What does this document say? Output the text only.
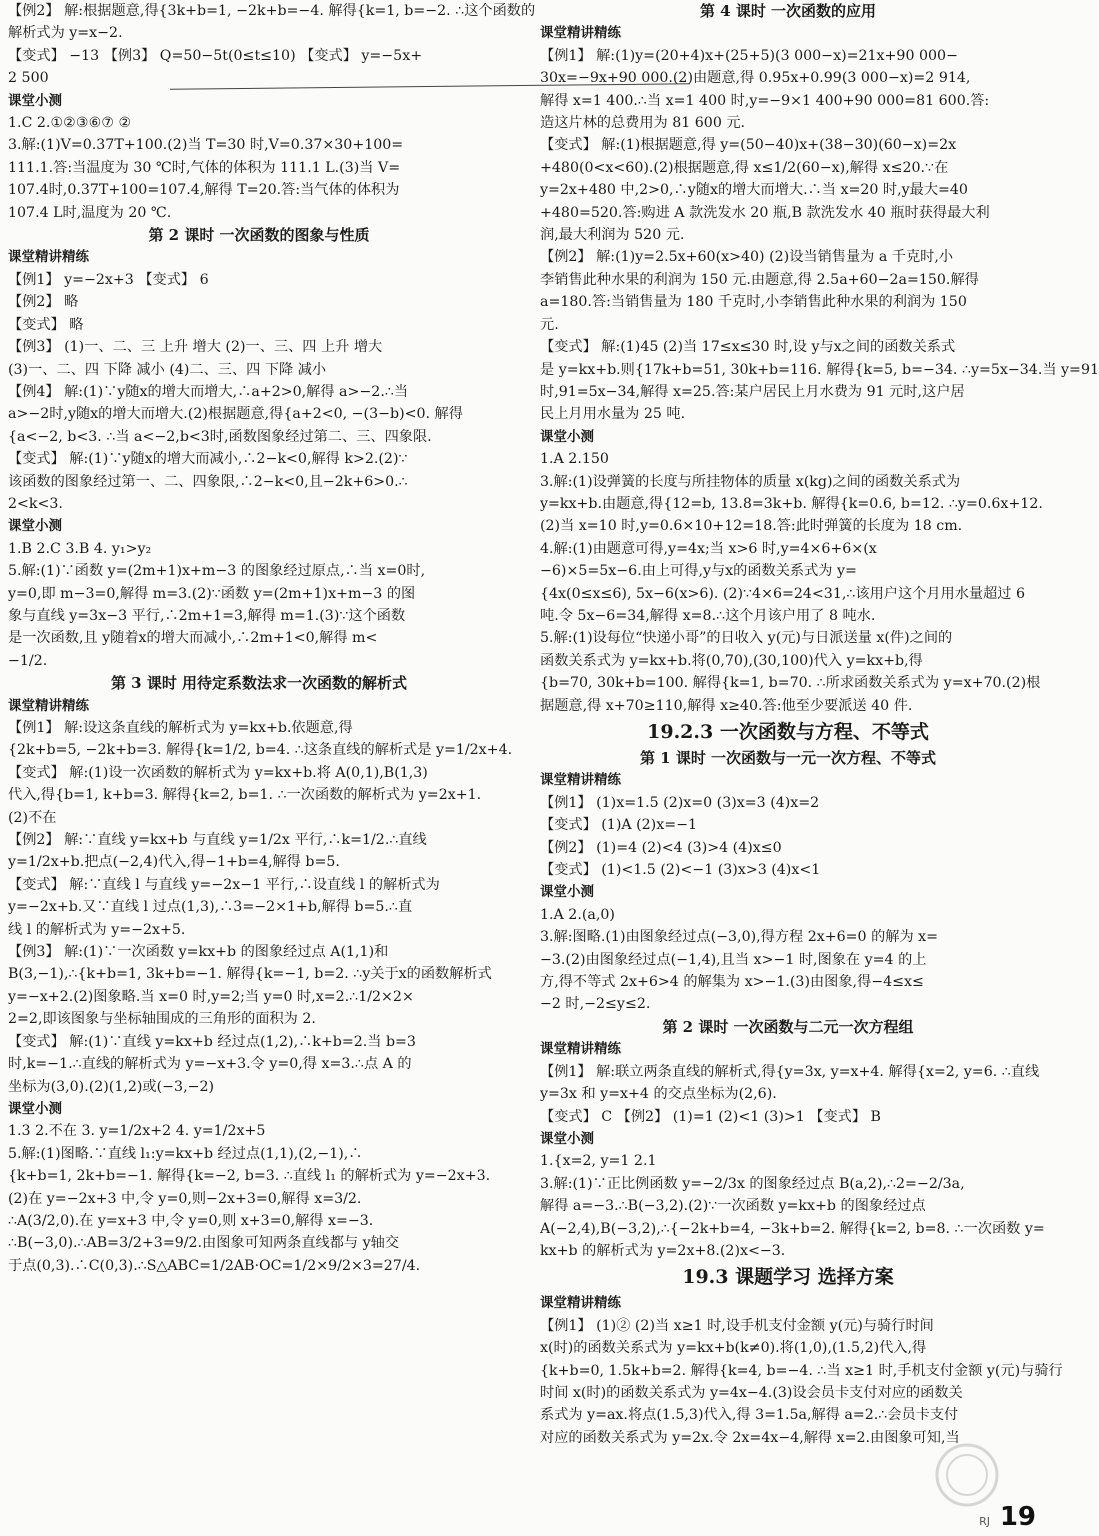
【例2】 解:根据题意,得{3k+b=1, −2k+b=−4. 解得{k=1, b=−2. ∴这个函数的
解析式为 y=x−2.
【变式】 −13 【例3】 Q=50−5t(0≤t≤10) 【变式】 y=−5x+
2 500
课堂小测
1.C 2.①②③⑥⑦ ②
3.解:(1)V=0.37T+100.(2)当 T=30 时,V=0.37×30+100=
111.1.答:当温度为 30 ℃时,气体的体积为 111.1 L.(3)当 V=
107.4时,0.37T+100=107.4,解得 T=20.答:当气体的体积为
107.4 L时,温度为 20 ℃.
第 2 课时 一次函数的图象与性质
课堂精讲精练
【例1】 y=−2x+3 【变式】 6
【例2】 略
【变式】 略
【例3】 (1)一、二、三 上升 增大 (2)一、三、四 上升 增大
(3)一、二、四 下降 减小 (4)二、三、四 下降 减小
【例4】 解:(1)∵y随x的增大而增大,∴a+2>0,解得 a>−2.∴当
a>−2时,y随x的增大而增大.(2)根据题意,得{a+2<0, −(3−b)<0. 解得
{a<−2, b<3. ∴当 a<−2,b<3时,函数图象经过第二、三、四象限.
【变式】 解:(1)∵y随x的增大而减小,∴2−k<0,解得 k>2.(2)∵
该函数的图象经过第一、二、四象限,∴2−k<0,且−2k+6>0.∴
2<k<3.
课堂小测
1.B 2.C 3.B 4. y₁>y₂
5.解:(1)∵函数 y=(2m+1)x+m−3 的图象经过原点,∴当 x=0时,
y=0,即 m−3=0,解得 m=3.(2)∵函数 y=(2m+1)x+m−3 的图
象与直线 y=3x−3 平行,∴2m+1=3,解得 m=1.(3)∵这个函数
是一次函数,且 y随着x的增大而减小,∴2m+1<0,解得 m<
−1/2.
第 3 课时 用待定系数法求一次函数的解析式
课堂精讲精练
【例1】 解:设这条直线的解析式为 y=kx+b.依题意,得
{2k+b=5, −2k+b=3. 解得{k=1/2, b=4. ∴这条直线的解析式是 y=1/2x+4.
【变式】 解:(1)设一次函数的解析式为 y=kx+b.将 A(0,1),B(1,3)
代入,得{b=1, k+b=3. 解得{k=2, b=1. ∴一次函数的解析式为 y=2x+1.
(2)不在
【例2】 解:∵直线 y=kx+b 与直线 y=1/2x 平行,∴k=1/2.∴直线
y=1/2x+b.把点(−2,4)代入,得−1+b=4,解得 b=5.
【变式】 解:∵直线 l 与直线 y=−2x−1 平行,∴设直线 l 的解析式为
y=−2x+b.又∵直线 l 过点(1,3),∴3=−2×1+b,解得 b=5.∴直
线 l 的解析式为 y=−2x+5.
【例3】 解:(1)∵一次函数 y=kx+b 的图象经过点 A(1,1)和
B(3,−1),∴{k+b=1, 3k+b=−1. 解得{k=−1, b=2. ∴y关于x的函数解析式
y=−x+2.(2)图象略.当 x=0 时,y=2;当 y=0 时,x=2.∴1/2×2×
2=2,即该图象与坐标轴围成的三角形的面积为 2.
【变式】 解:(1)∵直线 y=kx+b 经过点(1,2),∴k+b=2.当 b=3
时,k=−1.∴直线的解析式为 y=−x+3.令 y=0,得 x=3.∴点 A 的
坐标为(3,0).(2)(1,2)或(−3,−2)
课堂小测
1.3 2.不在 3. y=1/2x+2 4. y=1/2x+5
5.解:(1)图略.∵直线 l₁:y=kx+b 经过点(1,1),(2,−1),∴
{k+b=1, 2k+b=−1. 解得{k=−2, b=3. ∴直线 l₁ 的解析式为 y=−2x+3.
(2)在 y=−2x+3 中,令 y=0,则−2x+3=0,解得 x=3/2.
∴A(3/2,0).在 y=x+3 中,令 y=0,则 x+3=0,解得 x=−3.
∴B(−3,0).∴AB=3/2+3=9/2.由图象可知两条直线都与 y轴交
于点(0,3).∴C(0,3).∴S△ABC=1/2AB·OC=1/2×9/2×3=27/4.
第 4 课时 一次函数的应用
课堂精讲精练
【例1】 解:(1)y=(20+4)x+(25+5)(3 000−x)=21x+90 000−
30x=−9x+90 000.(2)由题意,得 0.95x+0.99(3 000−x)=2 914,
解得 x=1 400.∴当 x=1 400 时,y=−9×1 400+90 000=81 600.答:
造这片林的总费用为 81 600 元.
【变式】 解:(1)根据题意,得 y=(50−40)x+(38−30)(60−x)=2x
+480(0<x<60).(2)根据题意,得 x≤1/2(60−x),解得 x≤20.∵在
y=2x+480 中,2>0,∴y随x的增大而增大.∴当 x=20 时,y最大=40
+480=520.答:购进 A 款洗发水 20 瓶,B 款洗发水 40 瓶时获得最大利
润,最大利润为 520 元.
【例2】 解:(1)y=2.5x+60(x>40) (2)设当销售量为 a 千克时,小
李销售此种水果的利润为 150 元.由题意,得 2.5a+60−2a=150.解得
a=180.答:当销售量为 180 千克时,小李销售此种水果的利润为 150
元.
【变式】 解:(1)45 (2)当 17≤x≤30 时,设 y与x之间的函数关系式
是 y=kx+b.则{17k+b=51, 30k+b=116. 解得{k=5, b=−34. ∴y=5x−34.当 y=91
时,91=5x−34,解得 x=25.答:某户居民上月水费为 91 元时,这户居
民上月用水量为 25 吨.
课堂小测
1.A 2.150
3.解:(1)设弹簧的长度与所挂物体的质量 x(kg)之间的函数关系式为
y=kx+b.由题意,得{12=b, 13.8=3k+b. 解得{k=0.6, b=12. ∴y=0.6x+12.
(2)当 x=10 时,y=0.6×10+12=18.答:此时弹簧的长度为 18 cm.
4.解:(1)由题意可得,y=4x;当 x>6 时,y=4×6+6×(x
−6)×5=5x−6.由上可得,y与x的函数关系式为 y=
{4x(0≤x≤6), 5x−6(x>6). (2)∵4×6=24<31,∴该用户这个月用水量超过 6
吨.令 5x−6=34,解得 x=8.∴这个月该户用了 8 吨水.
5.解:(1)设每位“快递小哥”的日收入 y(元)与日派送量 x(件)之间的
函数关系式为 y=kx+b.将(0,70),(30,100)代入 y=kx+b,得
{b=70, 30k+b=100. 解得{k=1, b=70. ∴所求函数关系式为 y=x+70.(2)根
据题意,得 x+70≥110,解得 x≥40.答:他至少要派送 40 件.
19.2.3 一次函数与方程、不等式
第 1 课时 一次函数与一元一次方程、不等式
课堂精讲精练
【例1】 (1)x=1.5 (2)x=0 (3)x=3 (4)x=2
【变式】 (1)A (2)x=−1
【例2】 (1)=4 (2)<4 (3)>4 (4)x≤0
【变式】 (1)<1.5 (2)<−1 (3)x>3 (4)x<1
课堂小测
1.A 2.(a,0)
3.解:图略.(1)由图象经过点(−3,0),得方程 2x+6=0 的解为 x=
−3.(2)由图象经过点(−1,4),且当 x>−1 时,图象在 y=4 的上
方,得不等式 2x+6>4 的解集为 x>−1.(3)由图象,得−4≤x≤
−2 时,−2≤y≤2.
第 2 课时 一次函数与二元一次方程组
课堂精讲精练
【例1】 解:联立两条直线的解析式,得{y=3x, y=x+4. 解得{x=2, y=6. ∴直线
y=3x 和 y=x+4 的交点坐标为(2,6).
【变式】 C 【例2】 (1)=1 (2)<1 (3)>1 【变式】 B
课堂小测
1.{x=2, y=1 2.1
3.解:(1)∵正比例函数 y=−2/3x 的图象经过点 B(a,2),∴2=−2/3a,
解得 a=−3.∴B(−3,2).(2)∵一次函数 y=kx+b 的图象经过点
A(−2,4),B(−3,2),∴{−2k+b=4, −3k+b=2. 解得{k=2, b=8. ∴一次函数 y=
kx+b 的解析式为 y=2x+8.(2)x<−3.
19.3 课题学习 选择方案
课堂精讲精练
【例1】 (1)② (2)当 x≥1 时,设手机支付金额 y(元)与骑行时间
x(时)的函数关系式为 y=kx+b(k≠0).将(1,0),(1.5,2)代入,得
{k+b=0, 1.5k+b=2. 解得{k=4, b=−4. ∴当 x≥1 时,手机支付金额 y(元)与骑行
时间 x(时)的函数关系式为 y=4x−4.(3)设会员卡支付对应的函数关
系式为 y=ax.将点(1.5,3)代入,得 3=1.5a,解得 a=2.∴会员卡支付
对应的函数关系式为 y=2x.令 2x=4x−4,解得 x=2.由图象可知,当
RJ 19
